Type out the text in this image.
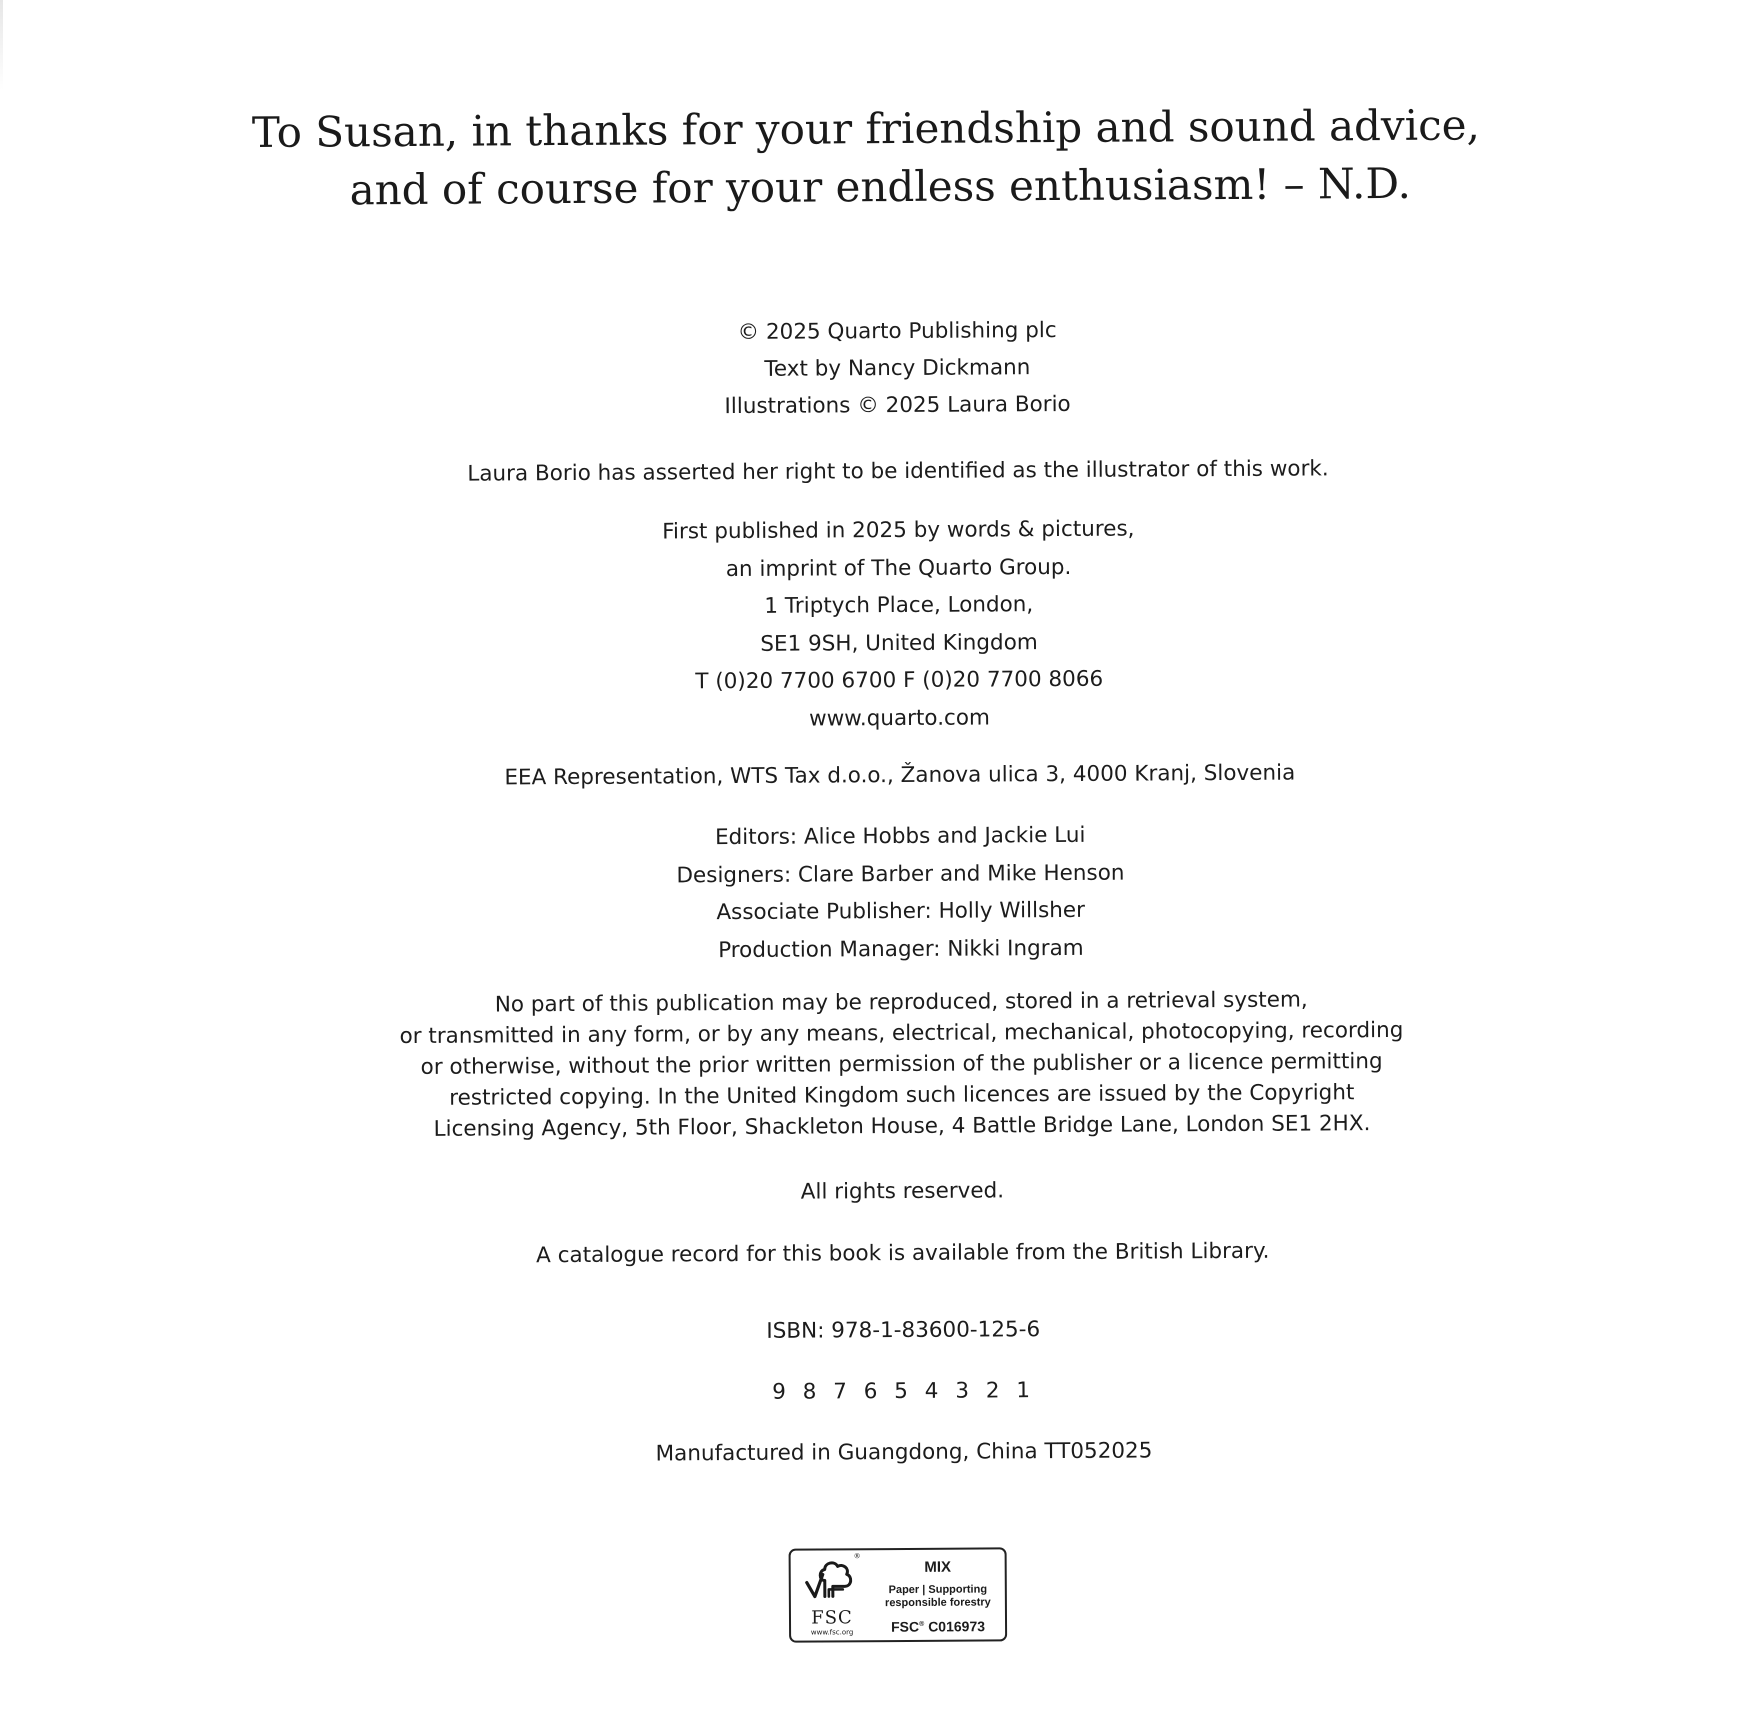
To Susan, in thanks for your friendship and sound advice,
and of course for your endless enthusiasm! – N.D.
© 2025 Quarto Publishing plc
Text by Nancy Dickmann
Illustrations © 2025 Laura Borio
Laura Borio has asserted her right to be identified as the illustrator of this work.
First published in 2025 by words & pictures,
an imprint of The Quarto Group.
1 Triptych Place, London,
SE1 9SH, United Kingdom
T (0)20 7700 6700 F (0)20 7700 8066
www.quarto.com
EEA Representation, WTS Tax d.o.o., Žanova ulica 3, 4000 Kranj, Slovenia
Editors: Alice Hobbs and Jackie Lui
Designers: Clare Barber and Mike Henson
Associate Publisher: Holly Willsher
Production Manager: Nikki Ingram
No part of this publication may be reproduced, stored in a retrieval system,
or transmitted in any form, or by any means, electrical, mechanical, photocopying, recording
or otherwise, without the prior written permission of the publisher or a licence permitting
restricted copying. In the United Kingdom such licences are issued by the Copyright
Licensing Agency, 5th Floor, Shackleton House, 4 Battle Bridge Lane, London SE1 2HX.
All rights reserved.
A catalogue record for this book is available from the British Library.
ISBN: 978-1-83600-125-6
9 8 7 6 5 4 3 2 1
Manufactured in Guangdong, China TT052025
®
FSC
www.fsc.org
MIX
Paper | Supporting
responsible forestry
FSC® C016973
